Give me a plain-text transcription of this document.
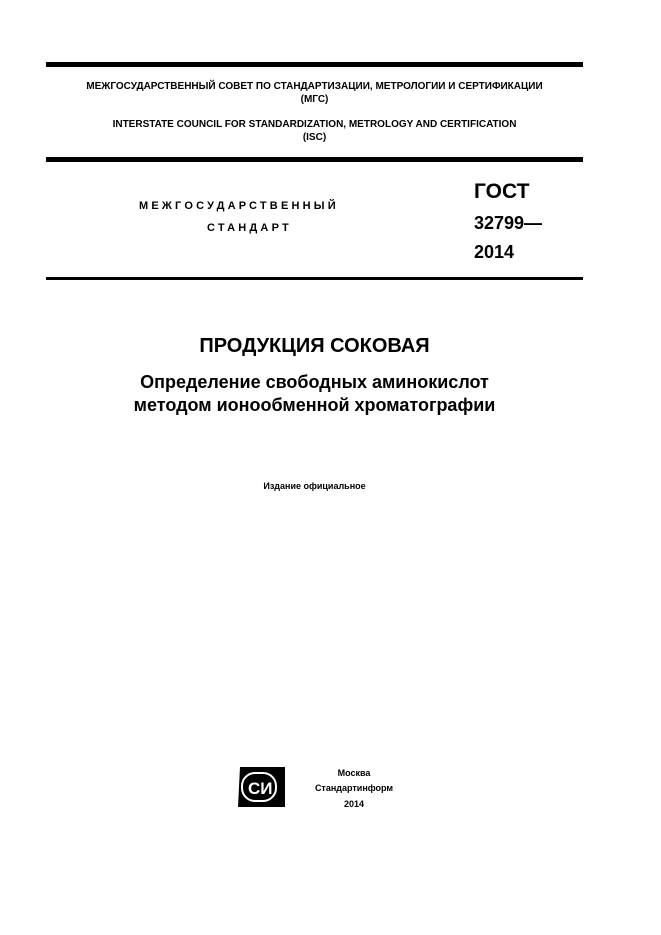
МЕЖГОСУДАРСТВЕННЫЙ СОВЕТ ПО СТАНДАРТИЗАЦИИ, МЕТРОЛОГИИ И СЕРТИФИКАЦИИ
(МГС)
INTERSTATE COUNCIL FOR STANDARDIZATION, METROLOGY AND CERTIFICATION
(ISC)
МЕЖГОСУДАРСТВЕННЫЙ
СТАНДАРТ
ГОСТ
32799—
2014
ПРОДУКЦИЯ СОКОВАЯ
Определение свободных аминокислот
методом ионообменной хроматографии
Издание официальное
СИ
Москва
Стандартинформ
2014
